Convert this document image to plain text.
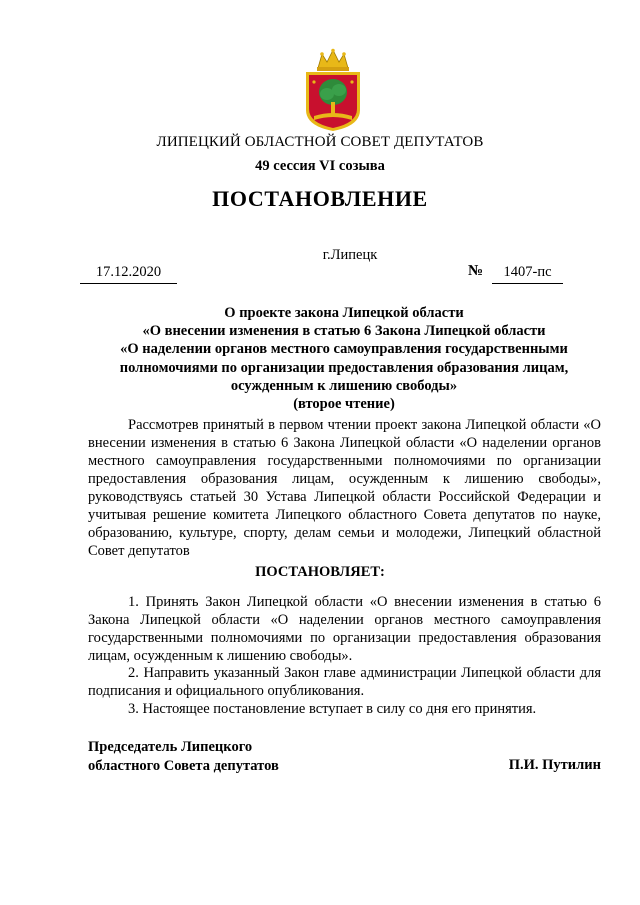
ЛИПЕЦКИЙ ОБЛАСТНОЙ СОВЕТ ДЕПУТАТОВ
49 сессия VI созыва
ПОСТАНОВЛЕНИЕ
г.Липецк
17.12.2020	№	1407-пс
О проекте закона Липецкой области
«О внесении изменения в статью 6 Закона Липецкой области
«О наделении органов местного самоуправления государственными
полномочиями по организации предоставления образования лицам,
осужденным к лишению свободы»
(второе чтение)
Рассмотрев принятый в первом чтении проект закона Липецкой области «О внесении изменения в статью 6 Закона Липецкой области «О наделении органов местного самоуправления государственными полномочиями по организации предоставления образования лицам, осужденным к лишению свободы», руководствуясь статьей 30 Устава Липецкой области Российской Федерации и учитывая решение комитета Липецкого областного Совета депутатов по науке, образованию, культуре, спорту, делам семьи и молодежи, Липецкий областной Совет депутатов
ПОСТАНОВЛЯЕТ:
1. Принять Закон Липецкой области «О внесении изменения в статью 6 Закона Липецкой области «О наделении органов местного самоуправления государственными полномочиями по организации предоставления образования лицам, осужденным к лишению свободы».
2. Направить указанный Закон главе администрации Липецкой области для подписания и официального опубликования.
3. Настоящее постановление вступает в силу со дня его принятия.
Председатель Липецкого
областного Совета депутатов	П.И. Путилин
